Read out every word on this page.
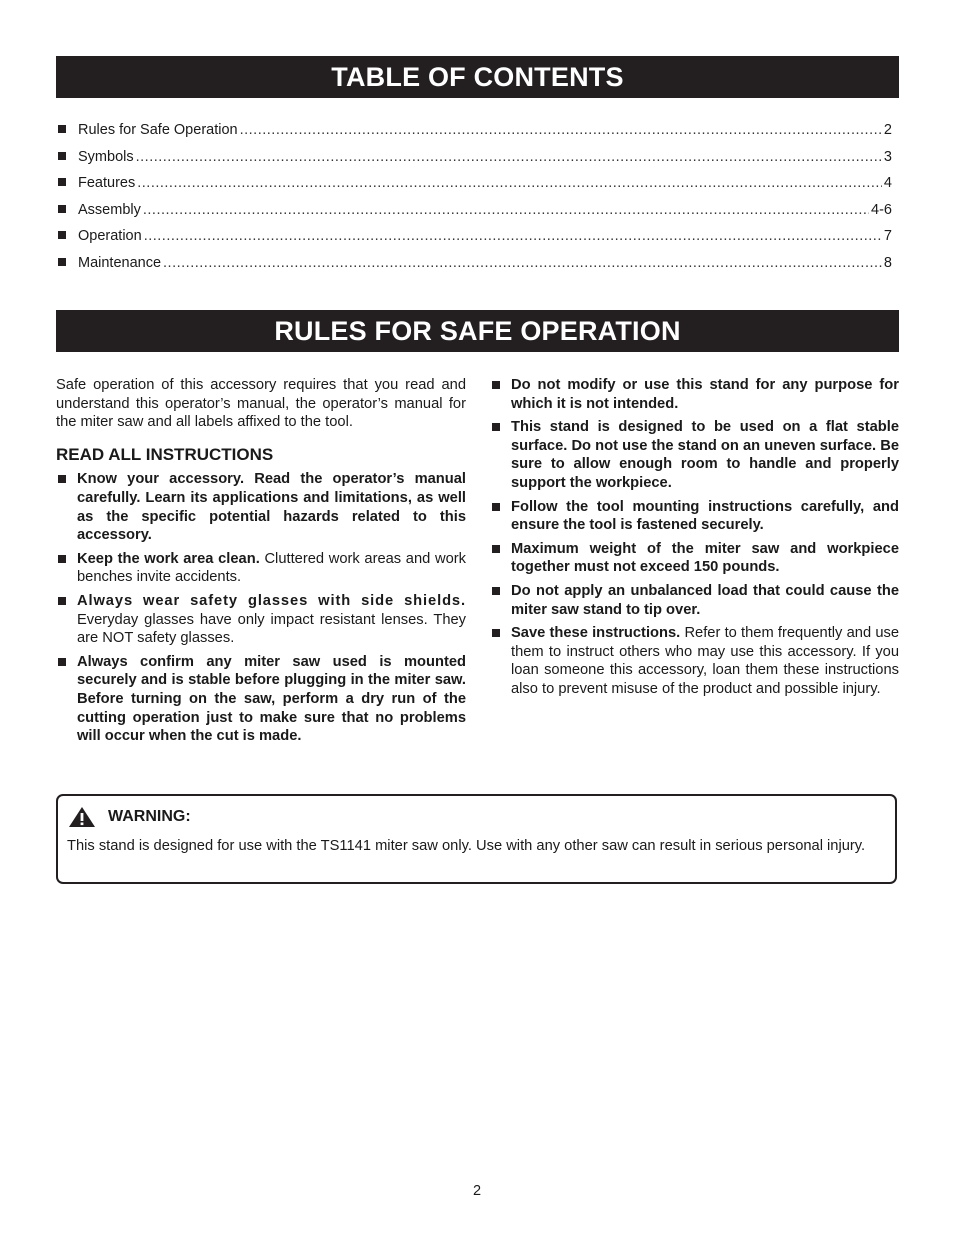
TABLE OF CONTENTS
Rules for Safe Operation .....	2
Symbols .....	3
Features .....	4
Assembly .....	4-6
Operation .....	7
Maintenance .....	8
RULES FOR SAFE OPERATION

Safe operation of this accessory requires that you read and understand this operator’s manual, the operator’s manual for the miter saw and all labels affixed to the tool.

READ ALL INSTRUCTIONS
Know your accessory. Read the operator’s manual carefully. Learn its applications and limitations, as well as the specific potential hazards related to this accessory.
Keep the work area clean. Cluttered work areas and work benches invite accidents.
Always wear safety glasses with side shields. Everyday glasses have only impact resistant lenses. They are NOT safety glasses.
Always confirm any miter saw used is mounted securely and is stable before plugging in the miter saw. Before turning on the saw, perform a dry run of the cutting operation just to make sure that no problems will occur when the cut is made.
Do not modify or use this stand for any purpose for which it is not intended.
This stand is designed to be used on a flat stable surface. Do not use the stand on an uneven surface. Be sure to allow enough room to handle and properly support the workpiece.
Follow the tool mounting instructions carefully, and ensure the tool is fastened securely.
Maximum weight of the miter saw and workpiece together must not exceed 150 pounds.
Do not apply an unbalanced load that could cause the miter saw stand to tip over.
Save these instructions. Refer to them frequently and use them to instruct others who may use this accessory. If you loan someone this accessory, loan them these instructions also to prevent misuse of the product and possible injury.
WARNING:
This stand is designed for use with the TS1141 miter saw only. Use with any other saw can result in serious personal injury.
2
